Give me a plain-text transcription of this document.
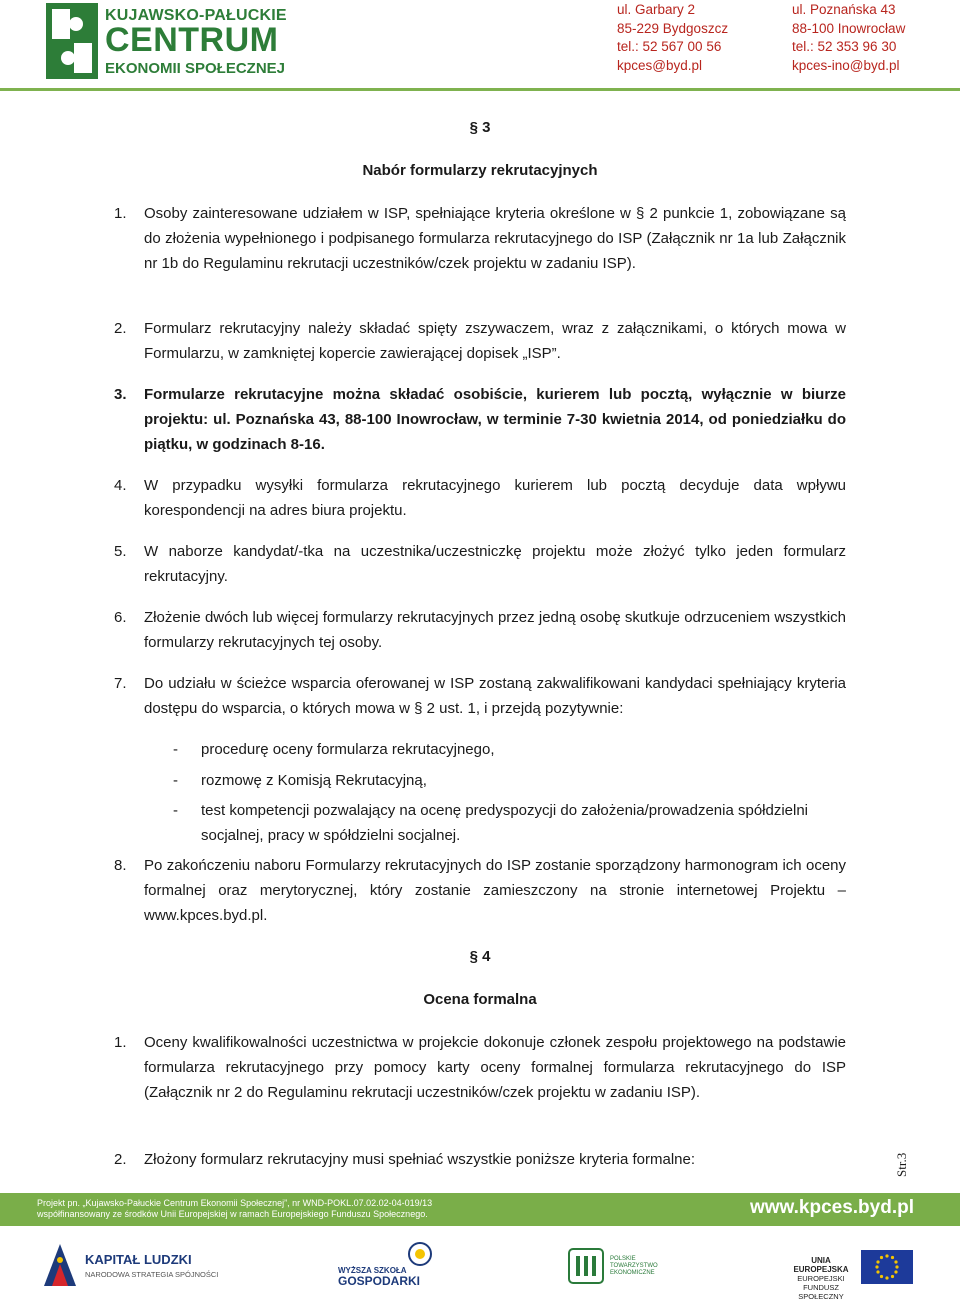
KUJAWSKO-PAŁUCKIE
CENTRUM
EKONOMII SPOŁECZNEJ
ul. Garbary 2
85-229 Bydgoszcz
tel.: 52 567 00 56
kpces@byd.pl
ul. Poznańska 43
88-100 Inowrocław
tel.: 52 353 96 30
kpces-ino@byd.pl
§ 3
Nabór formularzy rekrutacyjnych
1.	Osoby zainteresowane udziałem w ISP, spełniające kryteria określone w § 2 punkcie 1, zobowiązane są do złożenia wypełnionego i podpisanego formularza rekrutacyjnego do ISP (Załącznik nr 1a lub Załącznik nr 1b do Regulaminu rekrutacji uczestników/czek projektu w zadaniu ISP).
2.	Formularz rekrutacyjny należy składać spięty zszywaczem, wraz z załącznikami, o których mowa w Formularzu, w zamkniętej kopercie zawierającej dopisek „ISP”.
3.	Formularze rekrutacyjne można składać osobiście, kurierem lub pocztą, wyłącznie w biurze projektu: ul. Poznańska 43, 88-100 Inowrocław, w terminie 7-30 kwietnia 2014, od poniedziałku do piątku, w godzinach 8-16.
4.	W przypadku wysyłki formularza rekrutacyjnego kurierem lub pocztą decyduje data wpływu korespondencji na adres biura projektu.
5.	W naborze kandydat/-tka na uczestnika/uczestniczkę projektu może złożyć tylko jeden formularz rekrutacyjny.
6.	Złożenie dwóch lub więcej formularzy rekrutacyjnych przez jedną osobę skutkuje odrzuceniem wszystkich formularzy rekrutacyjnych tej osoby.
7.	Do udziału w ścieżce wsparcia oferowanej w ISP zostaną zakwalifikowani kandydaci spełniający kryteria dostępu do wsparcia, o których mowa w § 2 ust. 1, i przejdą pozytywnie:
- procedurę oceny formularza rekrutacyjnego,
- rozmowę z Komisją Rekrutacyjną,
- test kompetencji pozwalający na ocenę predyspozycji do założenia/prowadzenia spółdzielni socjalnej, pracy w spółdzielni socjalnej.
8.	Po zakończeniu naboru Formularzy rekrutacyjnych do ISP zostanie sporządzony harmonogram ich oceny formalnej oraz merytorycznej, który zostanie zamieszczony na stronie internetowej Projektu – www.kpces.byd.pl.
§ 4
Ocena formalna
1.	Oceny kwalifikowalności uczestnictwa w projekcie dokonuje członek zespołu projektowego na podstawie formularza rekrutacyjnego przy pomocy karty oceny formalnej formularza rekrutacyjnego do ISP (Załącznik nr 2 do Regulaminu rekrutacji uczestników/czek projektu w zadaniu ISP).
2.	Złożony formularz rekrutacyjny musi spełniać wszystkie poniższe kryteria formalne:	Str.3
Projekt pn. „Kujawsko-Pałuckie Centrum Ekonomii Społecznej”, nr WND-POKL.07.02.02-04-019/13
współfinansowany ze środków Unii Europejskiej w ramach Europejskiego Funduszu Społecznego.	www.kpces.byd.pl
KAPITAŁ LUDZKI
NARODOWA STRATEGIA SPÓJNOŚCI	WYŻSZA SZKOŁA
GOSPODARKI
POLSKIE
TOWARZYSTWO
EKONOMICZNE
UNIA EUROPEJSKA
EUROPEJSKI
FUNDUSZ SPOŁECZNY
